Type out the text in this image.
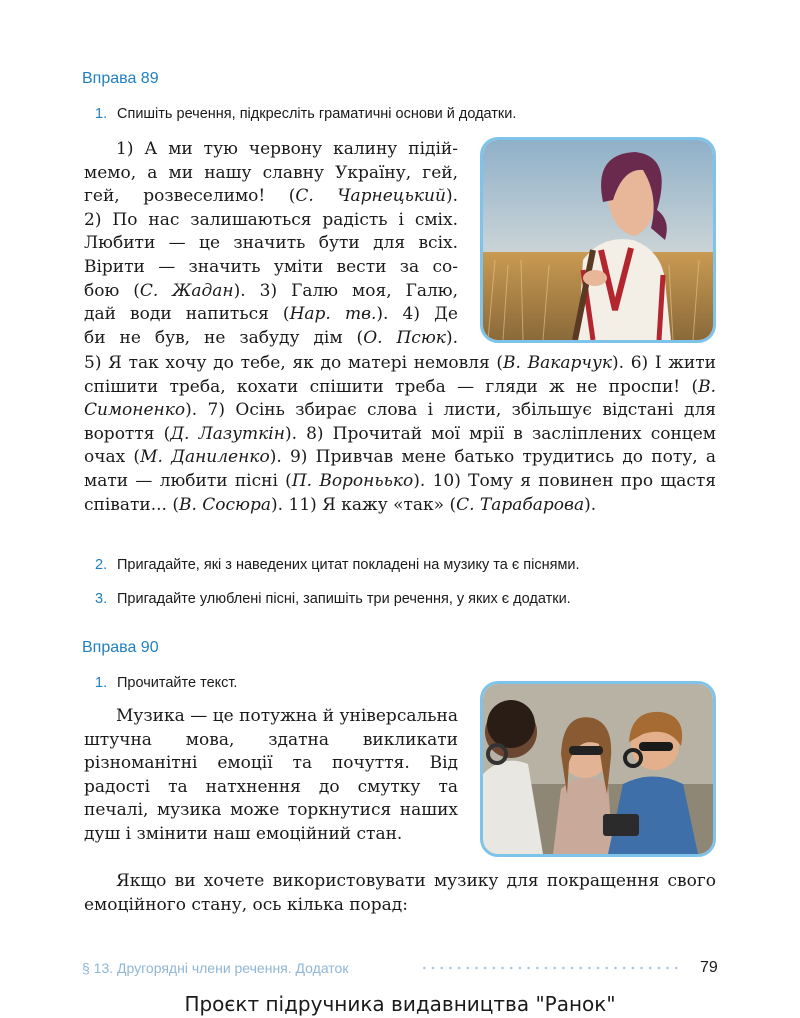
Вправа 89
1. Спишіть речення, підкресліть граматичні основи й додатки.
1) А ми тую червону калину підій-
мемо, а ми нашу славну Україну, гей,
гей, розвеселимо! (С. Чарнецький).
2) По нас залишаються радість і сміх.
Любити — це значить бути для всіх.
Вірити — значить уміти вести за со-
бою (С. Жадан). 3) Галю моя, Галю,
дай води напиться (Нар. тв.). 4) Де
би не був, не забуду дім (О. Псюк).

5) Я так хочу до тебе, як до матері немовля (В. Вакарчук). 6) І жити спішити треба, кохати спішити треба — гляди ж не проспи! (В. Симоненко). 7) Осінь збирає слова і листи, збільшує відстані для вороття (Д. Лазуткін). 8) Прочитай мої мрії в засліплених сонцем очах (М. Даниленко). 9) Привчав мене батько трудитись до поту, а мати — любити пісні (П. Вороньько). 10) Тому я повинен про щастя співати... (В. Сосюра). 11) Я кажу «так» (С. Тарабарова).

2. Пригадайте, які з наведених цитат покладені на музику та є піснями.
3. Пригадайте улюблені пісні, запишіть три речення, у яких є додатки.
Вправа 90
1. Прочитайте текст.

Музика — це потужна й універсальна штучна мова, здатна викликати різноманітні емоції та почуття. Від радості та натхнення до смутку та печалі, музика може торкнутися наших душ і змінити наш емоційний стан.

Якщо ви хочете використовувати музику для покращення свого емоційного стану, ось кілька порад:

§ 13. Другорядні члени речення. Додаток	79
Проєкт підручника видавництва "Ранок"
